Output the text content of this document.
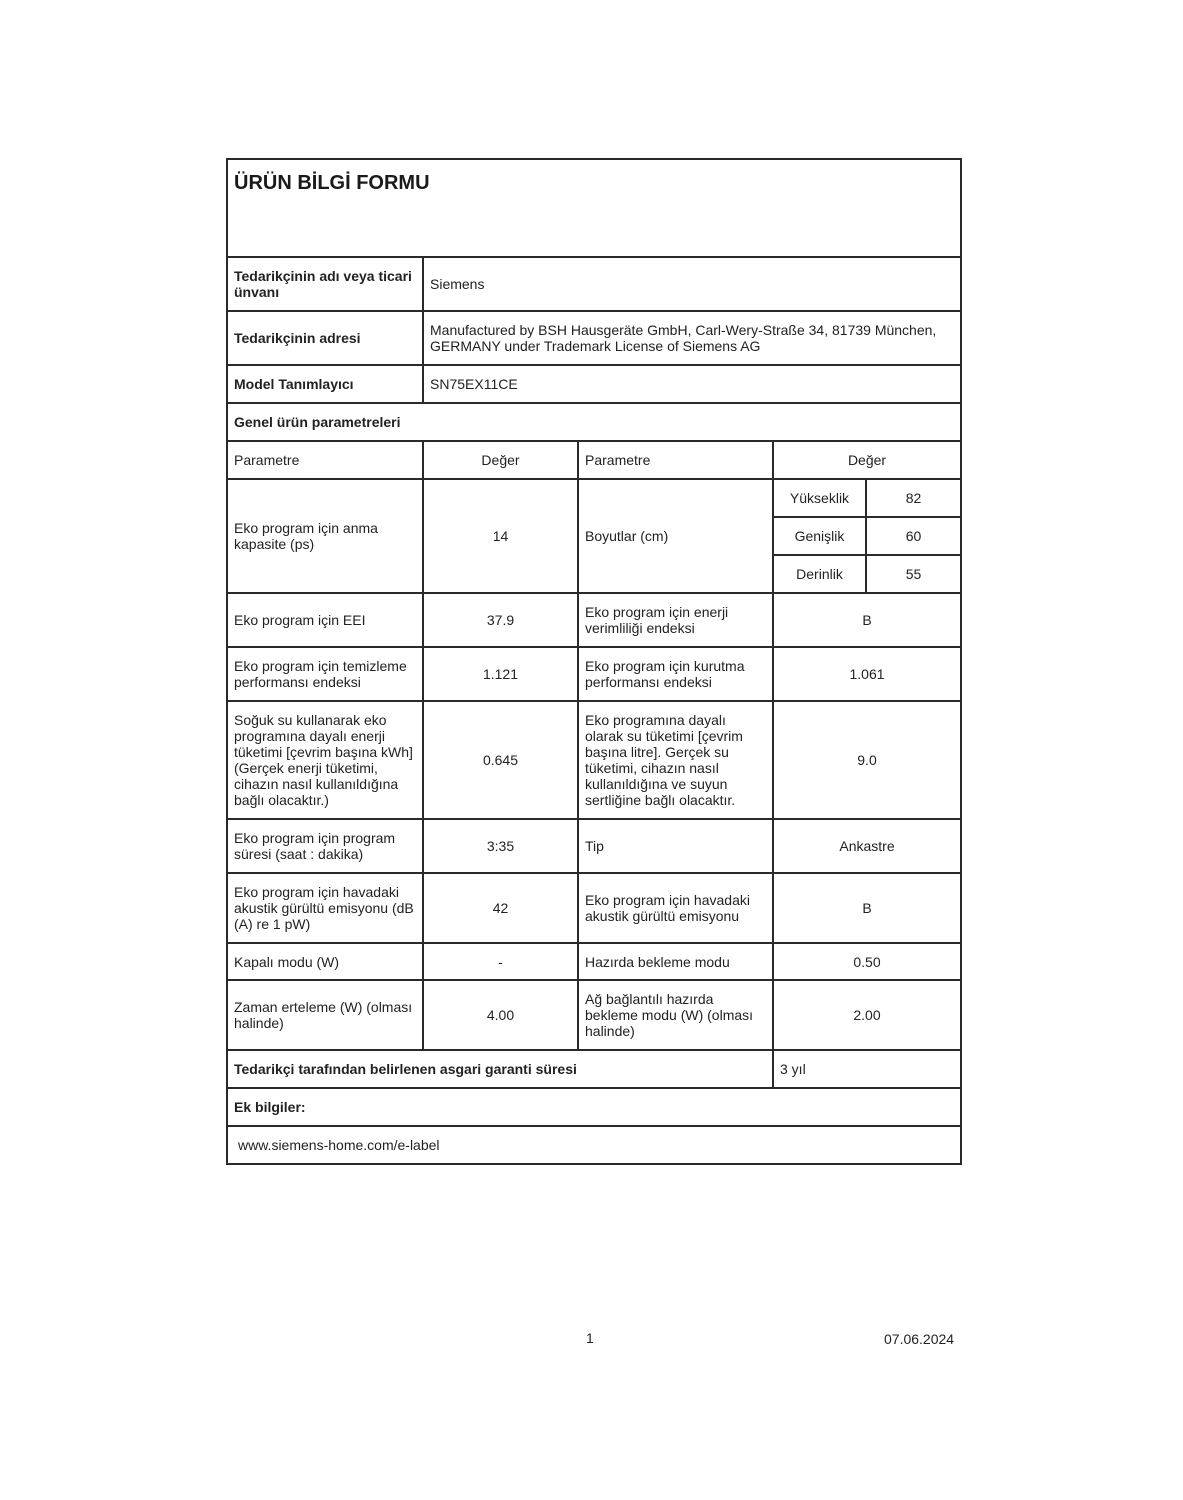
ÜRÜN BİLGİ FORMU				
Tedarikçinin adı veya ticari ünvanı	Siemens			
Tedarikçinin adresi	Manufactured by BSH Hausgeräte GmbH, Carl-Wery-Straße 34, 81739 München, GERMANY under Trademark License of Siemens AG			
Model Tanımlayıcı	SN75EX11CE			
Genel ürün parametreleri				
Parametre	Değer	Parametre	Değer	
Eko program için anma kapasite (ps)	14	Boyutlar (cm)	Yükseklik	82
			Genişlik	60
			Derinlik	55
Eko program için EEI	37.9	Eko program için enerji verimliliği endeksi	B	
Eko program için temizleme performansı endeksi	1.121	Eko program için kurutma performansı endeksi	1.061	
Soğuk su kullanarak eko programına dayalı enerji tüketimi [çevrim başına kWh] (Gerçek enerji tüketimi, cihazın nasıl kullanıldığına bağlı olacaktır.)	0.645	Eko programına dayalı olarak su tüketimi [çevrim başına litre]. Gerçek su tüketimi, cihazın nasıl kullanıldığına ve suyun sertliğine bağlı olacaktır.	9.0	
Eko program için program süresi (saat : dakika)	3:35	Tip	Ankastre	
Eko program için havadaki akustik gürültü emisyonu (dB (A) re 1 pW)	42	Eko program için havadaki akustik gürültü emisyonu	B	
Kapalı modu (W)	-	Hazırda bekleme modu	0.50	
Zaman erteleme (W) (olması halinde)	4.00	Ağ bağlantılı hazırda bekleme modu (W) (olması halinde)	2.00	
Tedarikçi tarafından belirlenen asgari garanti süresi			3 yıl	
Ek bilgiler:				
www.siemens-home.com/e-label				
1	07.06.2024
